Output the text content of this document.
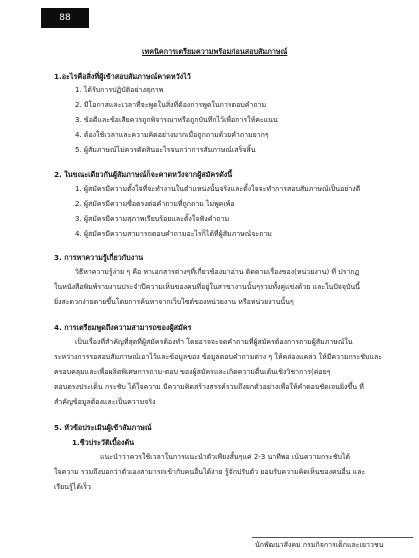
88
เทคนิคการเตรียมความพร้อมก่อนสอบสัมภาษณ์
1.อะไรคือสิ่งที่ผู้เข้าสอบสัมภาษณ์คาดหวังไว้
1. ได้รับการปฏิบัติอย่างสุภาพ
2. มีโอกาสและเวลาที่จะพูดในสิ่งที่ต้องการพูดในการตอบคำถาม
3. ข้อดีและข้อเสียควรถูกพิจารณาหรือถูกบันทึกไว้เพื่อการให้คะแนน
4. ต้องใช้เวลาและความคิดอย่างมากเมื่อถูกถามด้วยคำถามยากๆ
5. ผู้สัมภาษณ์ไม่ควรตัดสินอะไรจนกว่าการสัมภาษณ์เสร็จสิ้น
2. ในขณะเดียวกันผู้สัมภาษณ์ก็จะคาดหวังจากผู้สมัครดังนี้
1. ผู้สมัครมีความตั้งใจที่จะทำงานในตำแหน่งนั้นจริงและตั้งใจจะทำการสอบสัมภาษณ์เป็นอย่างดี
2. ผู้สมัครมีความซื่อตรงต่อคำถามที่ถูกถาม ไม่พูดเพ้อ
3. ผู้สมัครมีความสุภาพเรียบร้อยและตั้งใจฟังคำถาม
4. ผู้สมัครมีความสามารถตอบคำถามอะไรก็ได้ที่ผู้สัมภาษณ์จะถาม
3. การหาความรู้เกี่ยวกับงาน
วิธีหาความรู้ง่าย ๆ คือ หาเอกสารต่างๆที่เกี่ยวข้องมาอ่าน ติดตามเรื่องของ(หน่วยงาน) ที่ ปรากฏ
ในหนังสือพิมพ์รายงานประจำปีความเห็นของคนที่อยู่ในสาขางานนั้นๆรวมทั้งคู่แข่งด้วย และในปัจจุบันนี้
ยิ่งสะดวกง่ายดายขึ้นโดยการค้นหาจากเว็บไซต์ของหน่วยงาน หรือหน่วยงานนั้นๆ
4. การเตรียมพูดถึงความสามารถของผู้สมัคร
เป็นเรื่องที่สำคัญที่สุดที่ผู้สมัครต้องทำ โดยอาจจะจดคำถามที่ผู้สมัครต้องการถามผู้สัมภาษณ์ใน
ระหว่างการรอสอบสัมภาษณ์เอาไว้และข้อมูลของ ข้อมูลตอบคำถามต่าง ๆ ให้คล่องแคล่ว ให้มีความกระชับและ
ครอบคลุมและเพื่อผลิตพิเศษการถาม-ตอบ ของผู้สมัครและเกิดความตื่นเต้นเชิงวิชาการ(ค่อยๆ
ตอบตรงประเด็น กระชับ ได้ใจความ มีความคิดสร้างสรรค์รวมถึงยกตัวอย่างเพื่อให้คำตอบชัดเจนยิ่งขึ้น ที่
สำคัญข้อมูลต้องและเป็นความจริง
5. หัวข้อประเมินผู้เข้าสัมภาษณ์
1.ชีวประวัติเบื้องต้น
แนะนำว่าควรใช้เวลาในการแนะนำตัวเพียงสั้นๆแค่ 2-3 นาทีพอ เน้นความกระชับได้
ใจความ รวมถึงบอกว่าตัวเองสามารถเข้ากับคนอื่นได้ง่าย รู้จักปรับตัว ยอมรับความคิดเห็นของคนอื่น และ
เรียนรู้ได้เร็ว
นักพัฒนาสังคม กรมกิจการเด็กและเยาวชน
